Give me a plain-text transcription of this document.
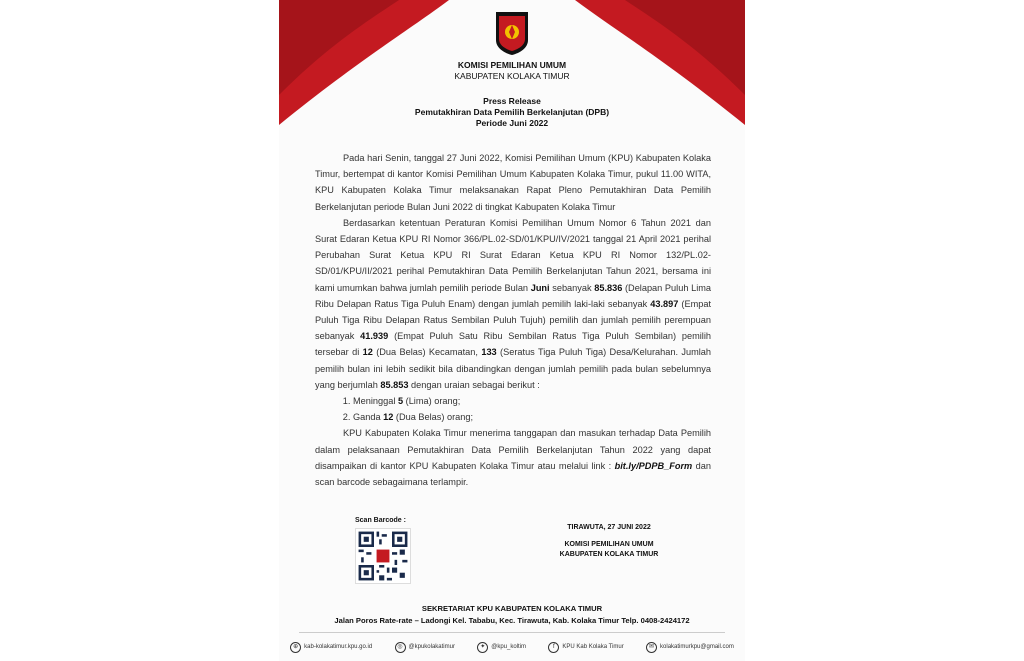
KOMISI PEMILIHAN UMUM
KABUPATEN KOLAKA TIMUR
Press Release
Pemutakhiran Data Pemilih Berkelanjutan (DPB)
Periode Juni 2022

Pada hari Senin, tanggal 27 Juni 2022, Komisi Pemilihan Umum (KPU) Kabupaten Kolaka Timur, bertempat di kantor Komisi Pemilihan Umum Kabupaten Kolaka Timur, pukul 11.00 WITA, KPU Kabupaten Kolaka Timur melaksanakan Rapat Pleno Pemutakhiran Data Pemilih Berkelanjutan periode Bulan Juni 2022 di tingkat Kabupaten Kolaka Timur

Berdasarkan ketentuan Peraturan Komisi Pemilihan Umum Nomor 6 Tahun 2021 dan Surat Edaran Ketua KPU RI Nomor 366/PL.02-SD/01/KPU/IV/2021 tanggal 21 April 2021 perihal Perubahan Surat Ketua KPU RI Surat Edaran Ketua KPU RI Nomor 132/PL.02-SD/01/KPU/II/2021 perihal Pemutakhiran Data Pemilih Berkelanjutan Tahun 2021, bersama ini kami umumkan bahwa jumlah pemilih periode Bulan Juni sebanyak 85.836 (Delapan Puluh Lima Ribu Delapan Ratus Tiga Puluh Enam) dengan jumlah pemilih laki-laki sebanyak 43.897 (Empat Puluh Tiga Ribu Delapan Ratus Sembilan Puluh Tujuh) pemilih dan jumlah pemilih perempuan sebanyak 41.939 (Empat Puluh Satu Ribu Sembilan Ratus Tiga Puluh Sembilan) pemilih tersebar di 12 (Dua Belas) Kecamatan, 133 (Seratus Tiga Puluh Tiga) Desa/Kelurahan. Jumlah pemilih bulan ini lebih sedikit bila dibandingkan dengan jumlah pemilih pada bulan sebelumnya yang berjumlah 85.853 dengan uraian sebagai berikut :

1. Meninggal 5 (Lima) orang;
2. Ganda 12 (Dua Belas) orang;

KPU Kabupaten Kolaka Timur menerima tanggapan dan masukan terhadap Data Pemilih dalam pelaksanaan Pemutakhiran Data Pemilih Berkelanjutan Tahun 2022 yang dapat disampaikan di kantor KPU Kabupaten Kolaka Timur atau melalui link : bit.ly/PDPB_Form dan scan barcode sebagaimana terlampir.

Scan Barcode :
TIRAWUTA, 27 JUNI 2022
KOMISI PEMILIHAN UMUM
KABUPATEN KOLAKA TIMUR
SEKRETARIAT KPU KABUPATEN KOLAKA TIMUR
Jalan Poros Rate-rate – Ladongi Kel. Tababu, Kec. Tirawuta, Kab. Kolaka Timur Telp. 0408-2424172
⊕ kab-kolakatimur.kpu.go.id	◎ @kpukolakatimur	✦ @kpu_koltim	f	KPU Kab Kolaka Timur	✉ kolakatimurkpu@gmail.com
